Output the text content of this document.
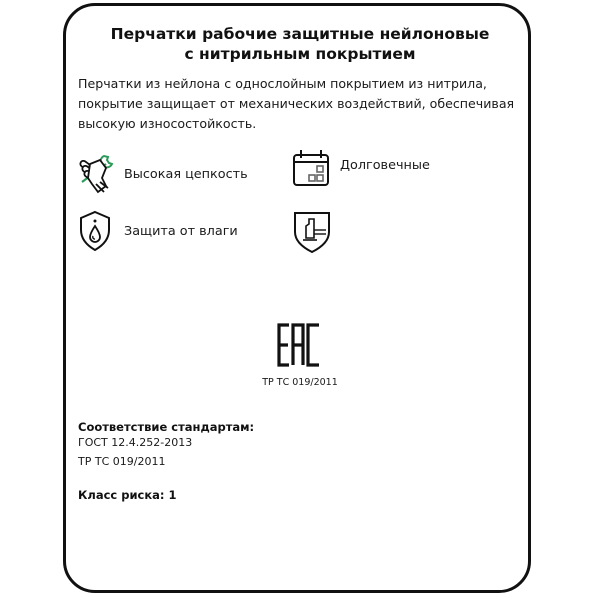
Перчатки рабочие защитные нейлоновые
с нитрильным покрытием
Перчатки из нейлона с однослойным покрытием из нитрила, покрытие защищает от механических воздействий, обеспечивая высокую износостойкость.
Высокая цепкость
Долговечные
Защита от влаги
ТР ТС 019/2011
Соответствие стандартам:
ГОСТ 12.4.252-2013
ТР ТС 019/2011
Класс риска: 1
